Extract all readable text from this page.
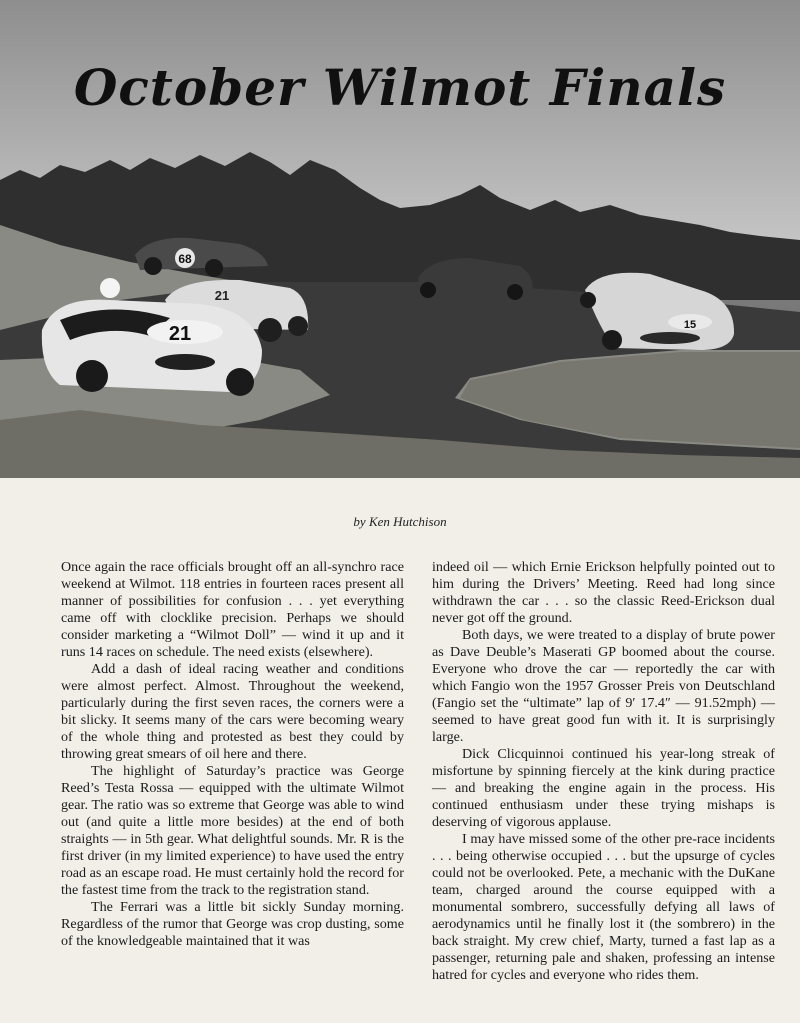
68
21
21	15
October Wilmot Finals
by Ken Hutchison

Once again the race officials brought off an all-synchro race weekend at Wilmot. 118 entries in fourteen races present all manner of possibilities for confusion . . . yet everything came off with clocklike precision. Perhaps we should consider marketing a “Wilmot Doll” — wind it up and it runs 14 races on schedule. The need exists (elsewhere).

Add a dash of ideal racing weather and conditions were almost perfect. Almost. Throughout the weekend, particularly during the first seven races, the corners were a bit slicky. It seems many of the cars were becoming weary of the whole thing and protested as best they could by throwing great smears of oil here and there.

The highlight of Saturday’s practice was George Reed’s Testa Rossa — equipped with the ultimate Wilmot gear. The ratio was so extreme that George was able to wind out (and quite a little more besides) at the end of both straights — in 5th gear. What delightful sounds. Mr. R is the first driver (in my limited experience) to have used the entry road as an escape road. He must certainly hold the record for the fastest time from the track to the registration stand.

The Ferrari was a little bit sickly Sunday morning. Regardless of the rumor that George was crop dusting, some of the knowledgeable maintained that it was

indeed oil — which Ernie Erickson helpfully pointed out to him during the Drivers’ Meeting. Reed had long since withdrawn the car . . . so the classic Reed-Erickson dual never got off the ground.

Both days, we were treated to a display of brute power as Dave Deuble’s Maserati GP boomed about the course. Everyone who drove the car — reportedly the car with which Fangio won the 1957 Grosser Preis von Deutschland (Fangio set the “ultimate” lap of 9′ 17.4″ — 91.52mph) — seemed to have great good fun with it. It is surprisingly large.

Dick Clicquinnoi continued his year-long streak of misfortune by spinning fiercely at the kink during practice — and breaking the engine again in the process. His continued enthusiasm under these trying mishaps is deserving of vigorous applause.

I may have missed some of the other pre-race incidents . . . being otherwise occupied . . . but the upsurge of cycles could not be overlooked. Pete, a mechanic with the DuKane team, charged around the course equipped with a monumental sombrero, successfully defying all laws of aerodynamics until he finally lost it (the sombrero) in the back straight. My crew chief, Marty, turned a fast lap as a passenger, returning pale and shaken, professing an intense hatred for cycles and everyone who rides them.
